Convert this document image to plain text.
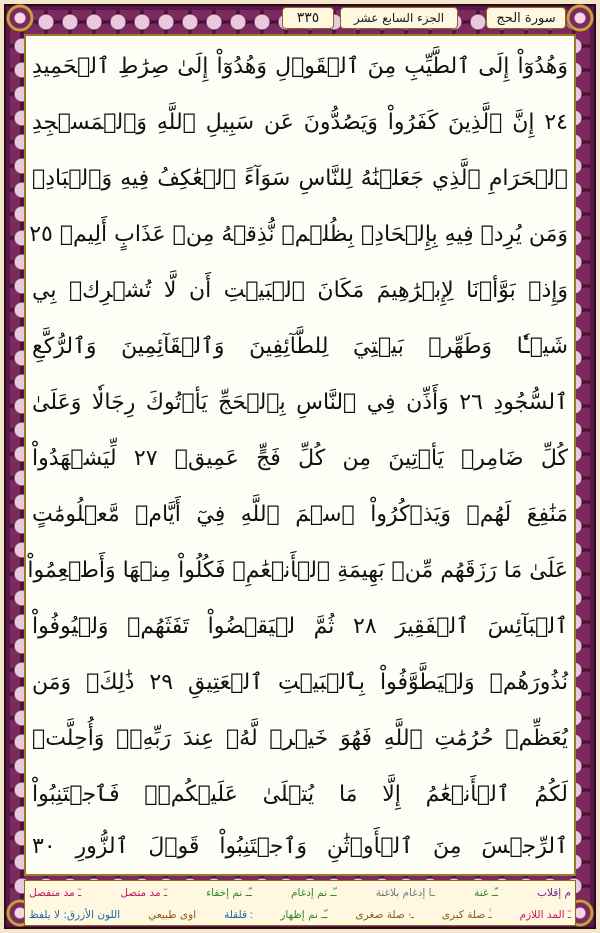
سورة الحج
الجزء السابع عشر
٣٣٥
وَهُدُوٓاْ إِلَى ٱلطَّيِّبِ مِنَ ٱلۡقَوۡلِ وَهُدُوٓاْ إِلَىٰ صِرَٰطِ ٱلۡحَمِيدِ
٢٤ إِنَّ ٱلَّذِينَ كَفَرُواْ وَيَصُدُّونَ عَن سَبِيلِ ٱللَّهِ وَٱلۡمَسۡجِدِ
ٱلۡحَرَامِ ٱلَّذِي جَعَلۡنَٰهُ لِلنَّاسِ سَوَآءً ٱلۡعَٰكِفُ فِيهِ وَٱلۡبَادِۚ
وَمَن يُرِدۡ فِيهِ بِإِلۡحَادِۭ بِظُلۡمٖ نُّذِقۡهُ مِنۡ عَذَابٍ أَلِيمٖ ٢٥
وَإِذۡ بَوَّأۡنَا لِإِبۡرَٰهِيمَ مَكَانَ ٱلۡبَيۡتِ أَن لَّا تُشۡرِكۡ بِي
شَيۡـٔٗا وَطَهِّرۡ بَيۡتِيَ لِلطَّآئِفِينَ وَٱلۡقَآئِمِينَ وَٱلرُّكَّعِ
ٱلسُّجُودِ ٢٦ وَأَذِّن فِي ٱلنَّاسِ بِٱلۡحَجِّ يَأۡتُوكَ رِجَالٗا وَعَلَىٰ
كُلِّ ضَامِرٖ يَأۡتِينَ مِن كُلِّ فَجٍّ عَمِيقٖ ٢٧ لِّيَشۡهَدُواْ
مَنَٰفِعَ لَهُمۡ وَيَذۡكُرُواْ ٱسۡمَ ٱللَّهِ فِيٓ أَيَّامٖ مَّعۡلُومَٰتٍ
عَلَىٰ مَا رَزَقَهُم مِّنۢ بَهِيمَةِ ٱلۡأَنۡعَٰمِۖ فَكُلُواْ مِنۡهَا وَأَطۡعِمُواْ
ٱلۡبَآئِسَ ٱلۡفَقِيرَ ٢٨ ثُمَّ لۡيَقۡضُواْ تَفَثَهُمۡ وَلۡيُوفُواْ
نُذُورَهُمۡ وَلۡيَطَّوَّفُواْ بِٱلۡبَيۡتِ ٱلۡعَتِيقِ ٢٩ ذَٰلِكَۖ وَمَن
يُعَظِّمۡ حُرُمَٰتِ ٱللَّهِ فَهُوَ خَيۡرٞ لَّهُۥ عِندَ رَبِّهِۦۗ وَأُحِلَّتۡ
لَكُمُ ٱلۡأَنۡعَٰمُ إِلَّا مَا يُتۡلَىٰ عَلَيۡكُمۡۖ فَٱجۡتَنِبُواْ
ٱلرِّجۡسَ مِنَ ٱلۡأَوۡثَٰنِ وَٱجۡتَنِبُواْ قَوۡلَ ٱلزُّورِ ٣٠
م إقلاب
ـّـ غنة
ـا إدغام بلاغنة
ـّـ نم إدغام
ـّـ نم إخفاء
ـٓ مد متصل
ـٓ مد منفصل
ـٓ المد اللازم
ـٰ صلة كبرى
ـۥ صلة صغرى
ـّـ نم إظهار
ـۡ قلقلة
اوى طبيعي
اللون الأزرق: لا يلفظ
